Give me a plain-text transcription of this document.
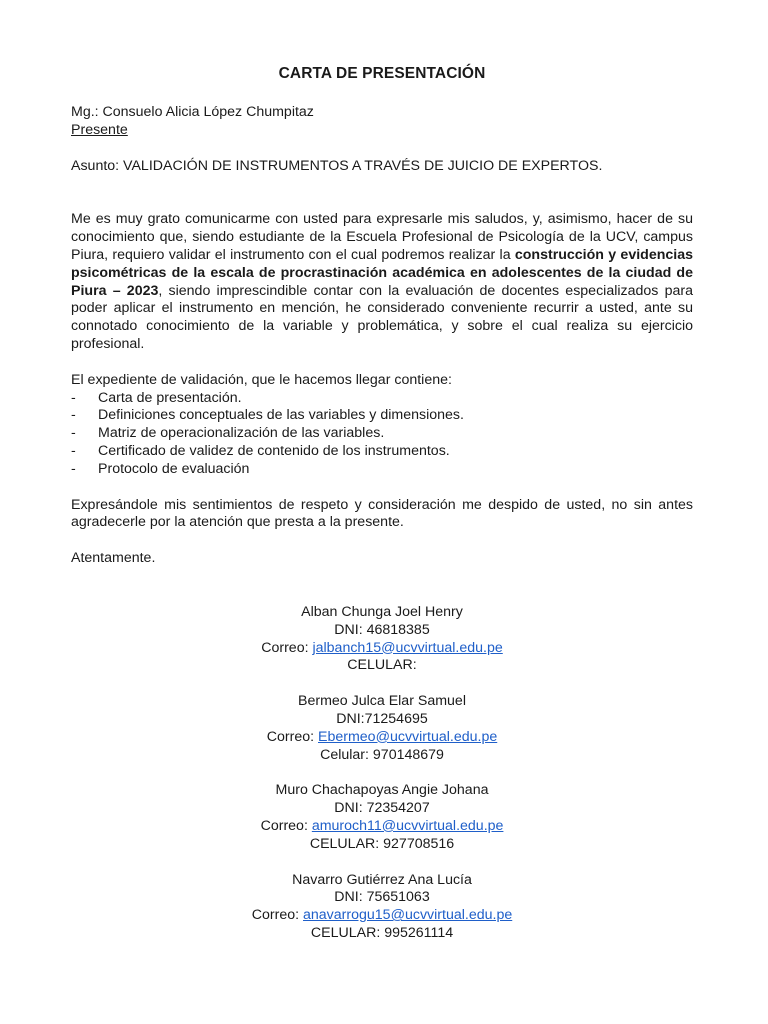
CARTA DE PRESENTACIÓN
Mg.: Consuelo Alicia López Chumpitaz
Presente
Asunto: VALIDACIÓN DE INSTRUMENTOS A TRAVÉS DE JUICIO DE EXPERTOS.

Me es muy grato comunicarme con usted para expresarle mis saludos, y, asimismo, hacer de su conocimiento que, siendo estudiante de la Escuela Profesional de Psicología de la UCV, campus Piura, requiero validar el instrumento con el cual podremos realizar la construcción y evidencias psicométricas de la escala de procrastinación académica en adolescentes de la ciudad de Piura – 2023, siendo imprescindible contar con la evaluación de docentes especializados para poder aplicar el instrumento en mención, he considerado conveniente recurrir a usted, ante su connotado conocimiento de la variable y problemática, y sobre el cual realiza su ejercicio profesional.

El expediente de validación, que le hacemos llegar contiene:
-	Carta de presentación.
-	Definiciones conceptuales de las variables y dimensiones.
-	Matriz de operacionalización de las variables.
-	Certificado de validez de contenido de los instrumentos.
-	Protocolo de evaluación

Expresándole mis sentimientos de respeto y consideración me despido de usted, no sin antes agradecerle por la atención que presta a la presente.

Atentamente.
Alban Chunga Joel Henry
DNI: 46818385
Correo: jalbanch15@ucvvirtual.edu.pe
CELULAR:
Bermeo Julca Elar Samuel
DNI:71254695
Correo: Ebermeo@ucvvirtual.edu.pe
Celular: 970148679
Muro Chachapoyas Angie Johana
DNI: 72354207
Correo: amuroch11@ucvvirtual.edu.pe
CELULAR: 927708516
Navarro Gutiérrez Ana Lucía
DNI: 75651063
Correo: anavarrogu15@ucvvirtual.edu.pe
CELULAR: 995261114
